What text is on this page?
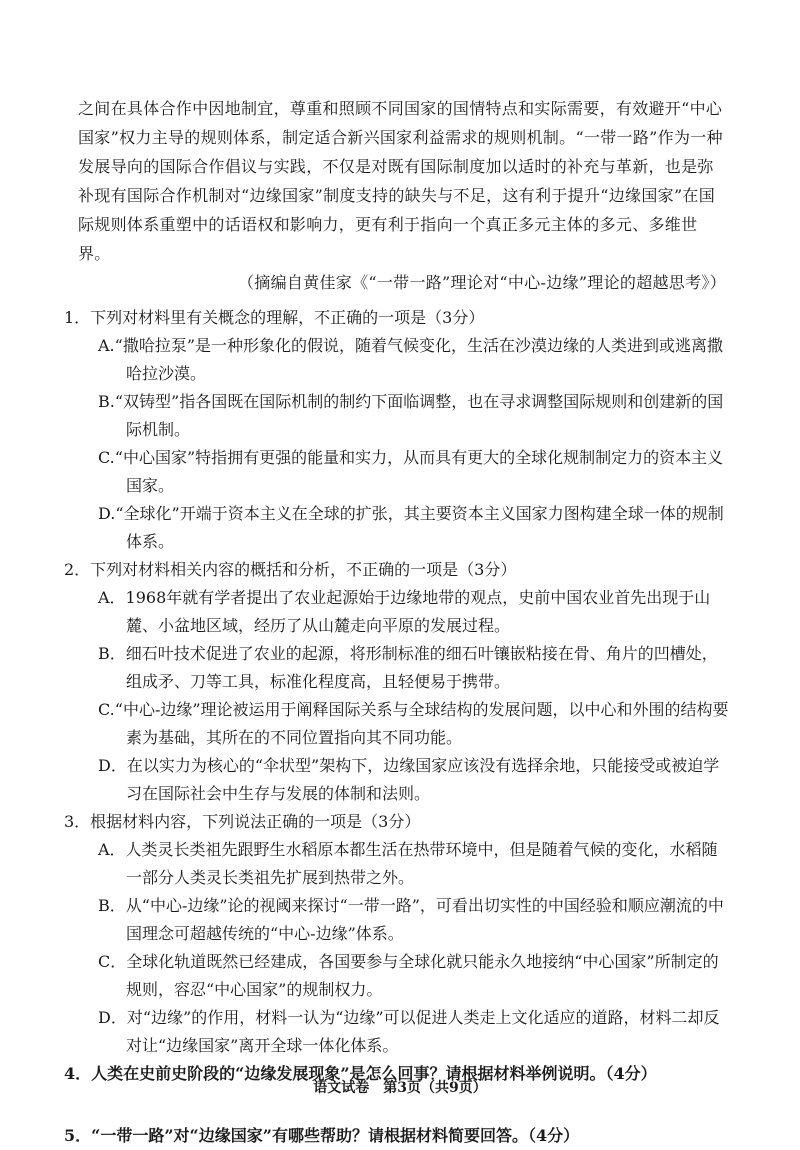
之间在具体合作中因地制宜，尊重和照顾不同国家的国情特点和实际需要，有效避开“中心国家”权力主导的规则体系，制定适合新兴国家利益需求的规则机制。“一带一路”作为一种发展导向的国际合作倡议与实践，不仅是对既有国际制度加以适时的补充与革新，也是弥补现有国际合作机制对“边缘国家”制度支持的缺失与不足，这有利于提升“边缘国家”在国际规则体系重塑中的话语权和影响力，更有利于指向一个真正多元主体的多元、多维世界。

（摘编自黄佳家《“一带一路”理论对“中心-边缘”理论的超越思考》）

1．下列对材料里有关概念的理解，不正确的一项是（3分）

A.“撒哈拉泵”是一种形象化的假说，随着气候变化，生活在沙漠边缘的人类进到或逃离撒哈拉沙漠。

B.“双铸型”指各国既在国际机制的制约下面临调整，也在寻求调整国际规则和创建新的国际机制。

C.“中心国家”特指拥有更强的能量和实力，从而具有更大的全球化规制制定力的资本主义国家。

D.“全球化”开端于资本主义在全球的扩张，其主要资本主义国家力图构建全球一体的规制体系。

2．下列对材料相关内容的概括和分析，不正确的一项是（3分）

A．1968年就有学者提出了农业起源始于边缘地带的观点，史前中国农业首先出现于山麓、小盆地区域，经历了从山麓走向平原的发展过程。

B．细石叶技术促进了农业的起源，将形制标准的细石叶镶嵌粘接在骨、角片的凹槽处，组成矛、刀等工具，标准化程度高，且轻便易于携带。

C.“中心-边缘”理论被运用于阐释国际关系与全球结构的发展问题，以中心和外围的结构要素为基础，其所在的不同位置指向其不同功能。

D．在以实力为核心的“伞状型”架构下，边缘国家应该没有选择余地，只能接受或被迫学习在国际社会中生存与发展的体制和法则。

3．根据材料内容，下列说法正确的一项是（3分）

A．人类灵长类祖先跟野生水稻原本都生活在热带环境中，但是随着气候的变化，水稻随一部分人类灵长类祖先扩展到热带之外。

B．从“中心-边缘”论的视阈来探讨“一带一路”，可看出切实性的中国经验和顺应潮流的中国理念可超越传统的“中心-边缘”体系。

C．全球化轨道既然已经建成，各国要参与全球化就只能永久地接纳“中心国家”所制定的规则，容忍“中心国家”的规制权力。

D．对“边缘”的作用，材料一认为“边缘”可以促进人类走上文化适应的道路，材料二却反对让“边缘国家”离开全球一体化体系。

4．人类在史前史阶段的“边缘发展现象”是怎么回事？请根据材料举例说明。（4分）

5．“一带一路”对“边缘国家”有哪些帮助？请根据材料简要回答。（4分）

语文试卷　第3页（共9页）
